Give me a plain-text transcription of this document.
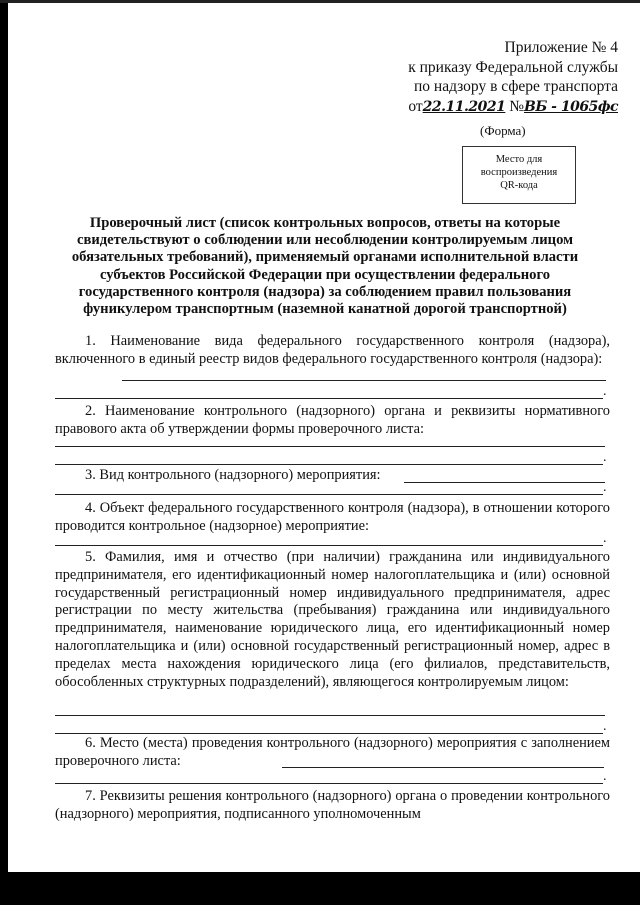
Приложение № 4
к приказу Федеральной службы
по надзору в сфере транспорта
от22.11.2021 №ВБ - 1065фс
(Форма)
Место для
воспроизведения
QR-кода
Проверочный лист (список контрольных вопросов, ответы на которые свидетельствуют о соблюдении или несоблюдении контролируемым лицом обязательных требований), применяемый органами исполнительной власти субъектов Российской Федерации при осуществлении федерального государственного контроля (надзора) за соблюдением правил пользования фуникулером транспортным (наземной канатной дорогой транспортной)
1. Наименование вида федерального государственного контроля (надзора), включенного в единый реестр видов федерального государственного контроля (надзора):
.
2. Наименование контрольного (надзорного) органа и реквизиты нормативного правового акта об утверждении формы проверочного листа:
.
3. Вид контрольного (надзорного) мероприятия:
.
4. Объект федерального государственного контроля (надзора), в отношении которого проводится контрольное (надзорное) мероприятие:
.
5. Фамилия, имя и отчество (при наличии) гражданина или индивидуального предпринимателя, его идентификационный номер налогоплательщика и (или) основной государственный регистрационный номер индивидуального предпринимателя, адрес регистрации по месту жительства (пребывания) гражданина или индивидуального предпринимателя, наименование юридического лица, его идентификационный номер налогоплательщика и (или) основной государственный регистрационный номер, адрес в пределах места нахождения юридического лица (его филиалов, представительств, обособленных структурных подразделений), являющегося контролируемым лицом:
.
6. Место (места) проведения контрольного (надзорного) мероприятия с заполнением проверочного листа:
.
7. Реквизиты решения контрольного (надзорного) органа о проведении контрольного (надзорного) мероприятия, подписанного уполномоченным
